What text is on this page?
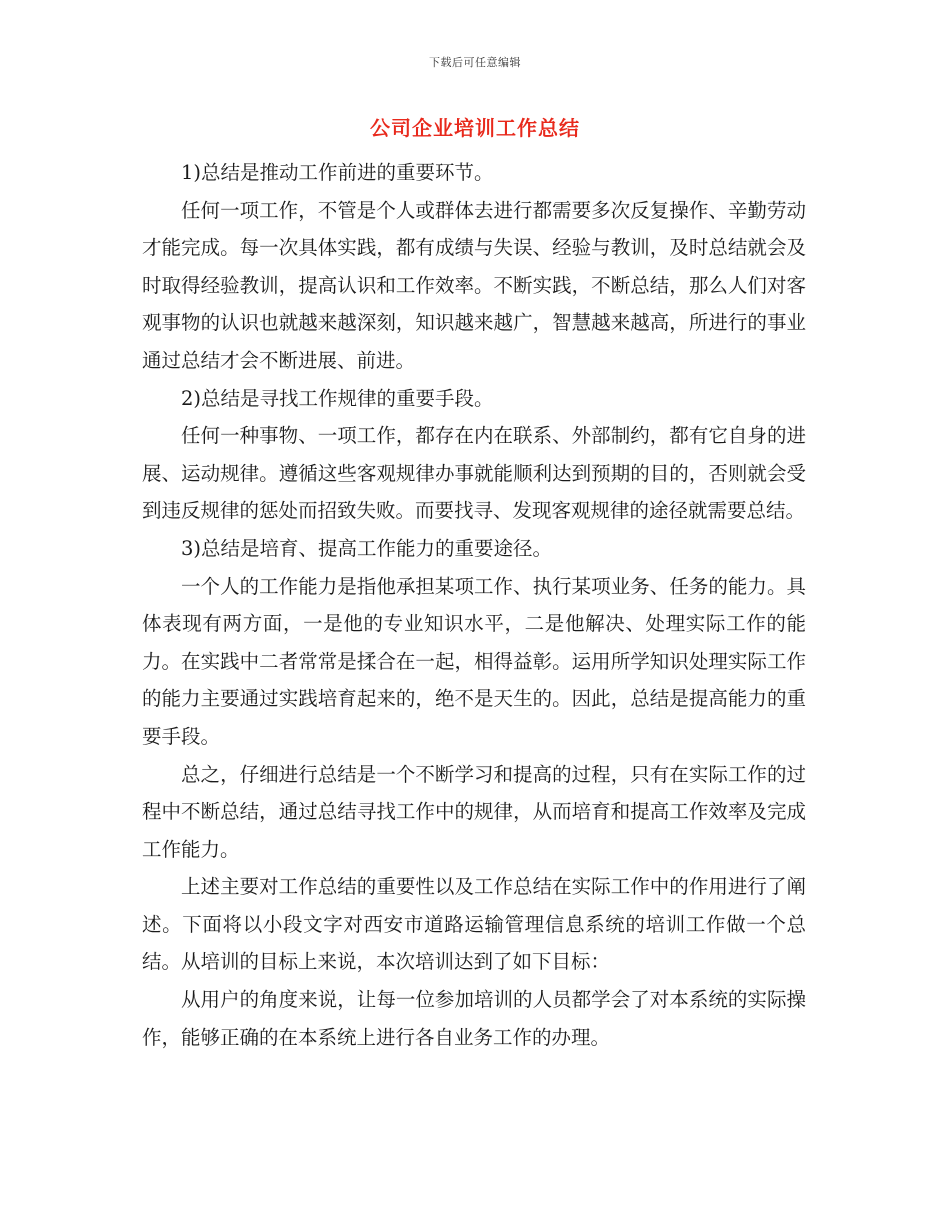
下载后可任意编辑
公司企业培训工作总结

1)总结是推动工作前进的重要环节。

任何一项工作，不管是个人或群体去进行都需要多次反复操作、辛勤劳动才能完成。每一次具体实践，都有成绩与失误、经验与教训，及时总结就会及时取得经验教训，提高认识和工作效率。不断实践，不断总结，那么人们对客观事物的认识也就越来越深刻，知识越来越广，智慧越来越高，所进行的事业通过总结才会不断进展、前进。

2)总结是寻找工作规律的重要手段。

任何一种事物、一项工作，都存在内在联系、外部制约，都有它自身的进展、运动规律。遵循这些客观规律办事就能顺利达到预期的目的，否则就会受到违反规律的惩处而招致失败。而要找寻、发现客观规律的途径就需要总结。

3)总结是培育、提高工作能力的重要途径。

一个人的工作能力是指他承担某项工作、执行某项业务、任务的能力。具体表现有两方面，一是他的专业知识水平，二是他解决、处理实际工作的能力。在实践中二者常常是揉合在一起，相得益彰。运用所学知识处理实际工作的能力主要通过实践培育起来的，绝不是天生的。因此，总结是提高能力的重要手段。

总之，仔细进行总结是一个不断学习和提高的过程，只有在实际工作的过程中不断总结，通过总结寻找工作中的规律，从而培育和提高工作效率及完成工作能力。

上述主要对工作总结的重要性以及工作总结在实际工作中的作用进行了阐述。下面将以小段文字对西安市道路运输管理信息系统的培训工作做一个总结。从培训的目标上来说，本次培训达到了如下目标：

从用户的角度来说，让每一位参加培训的人员都学会了对本系统的实际操作，能够正确的在本系统上进行各自业务工作的办理。
